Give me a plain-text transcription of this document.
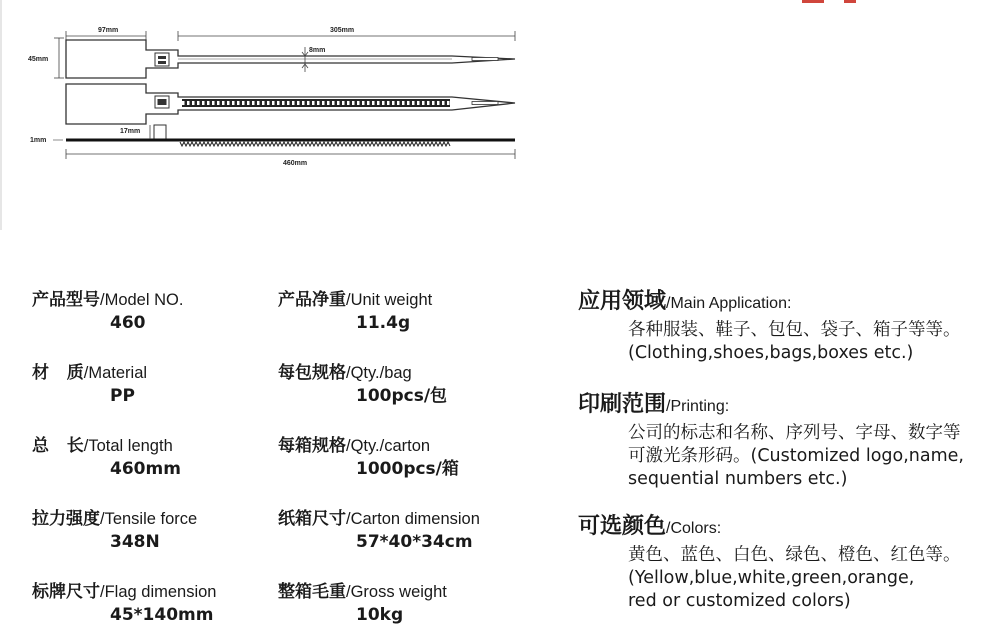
97mm	305mm
45mm
8mm
17mm
1mm
460mm
产品型号/Model NO.
460
材   质/Material
PP
总   长/Total length
460mm
拉力强度/Tensile force
348N
标牌尺寸/Flag dimension
45*140mm
产品净重/Unit weight
11.4g
每包规格/Qty./bag
100pcs/包
每箱规格/Qty./carton
1000pcs/箱
纸箱尺寸/Carton dimension
57*40*34cm
整箱毛重/Gross weight
10kg
应用领域/Main Application:
各种服装、鞋子、包包、袋子、箱子等等。
(Clothing,shoes,bags,boxes etc.)
印刷范围/Printing:
公司的标志和名称、序列号、字母、数字等
可激光条形码。(Customized logo,name,
sequential numbers etc.)
可选颜色/Colors:
黄色、蓝色、白色、绿色、橙色、红色等。
(Yellow,blue,white,green,orange,
red or customized colors)
